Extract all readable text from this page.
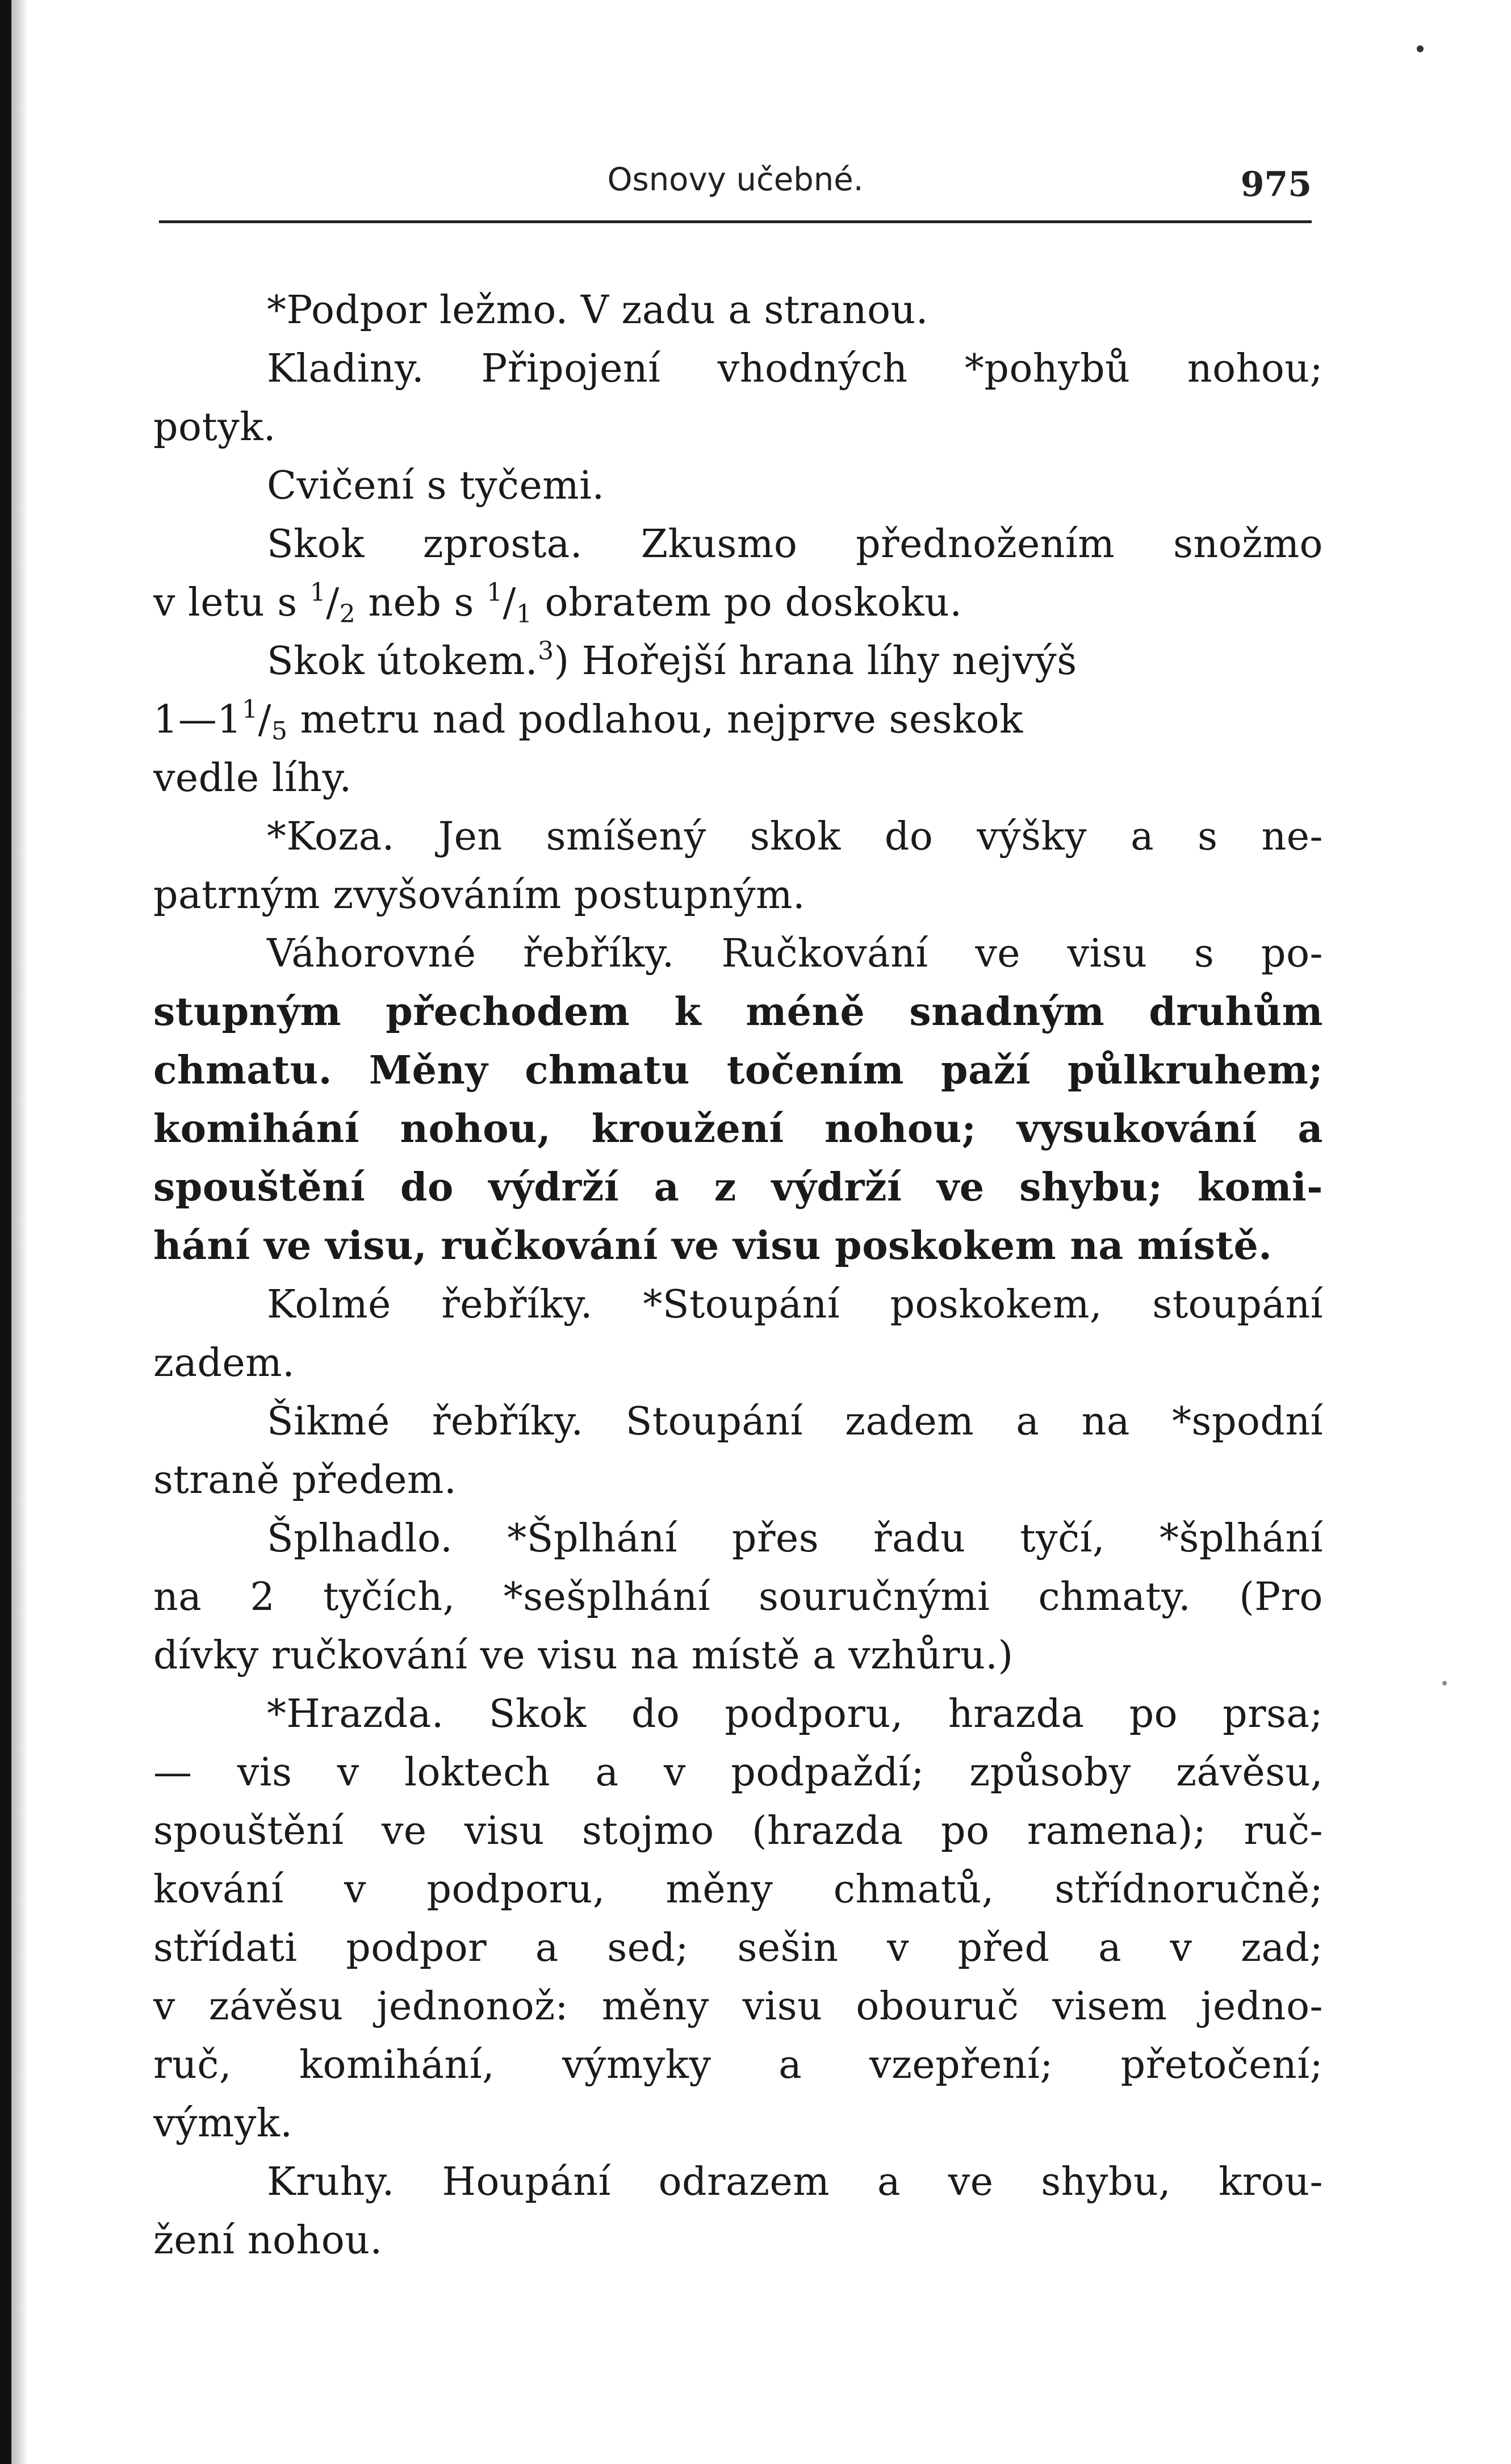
Osnovy učebné.	975
*Podpor ležmo. V zadu a stranou.
Kladiny. Připojení vhodných *pohybů nohou;
potyk.
Cvičení s tyčemi.
Skok zprosta. Zkusmo přednožením snožmo
v letu s $^1/_2$ neb s $^1/_1$ obratem po doskoku.
Skok útokem.$^3$) Hořejší hrana líhy nejvýš
$1—1^1/_5$ metru nad podlahou, nejprve seskok
vedle líhy.
*Koza. Jen smíšený skok do výšky a s ne-
patrným zvyšováním postupným.
Váhorovné řebříky. Ručkování ve visu s po-
stupným přechodem k méně snadným druhům
chmatu. Měny chmatu točením paží půlkruhem;
komihání nohou, kroužení nohou; vysukování a
spouštění do výdrží a z výdrží ve shybu; komi-
hání ve visu, ručkování ve visu poskokem na místě.
Kolmé řebříky. *Stoupání poskokem, stoupání
zadem.
Šikmé řebříky. Stoupání zadem a na *spodní
straně předem.
Šplhadlo. *Šplhání přes řadu tyčí, *šplhání
na 2 tyčích, *sešplhání souručnými chmaty. (Pro
dívky ručkování ve visu na místě a vzhůru.)
*Hrazda. Skok do podporu, hrazda po prsa;
— vis v loktech a v podpaždí; způsoby závěsu,
spouštění ve visu stojmo (hrazda po ramena); ruč-
kování v podporu, měny chmatů, střídnoručně;
střídati podpor a sed; sešin v před a v zad;
v závěsu jednonož: měny visu obouruč visem jedno-
ruč, komihání, výmyky a vzepření; přetočení;
výmyk.
Kruhy. Houpání odrazem a ve shybu, krou-
žení nohou.
